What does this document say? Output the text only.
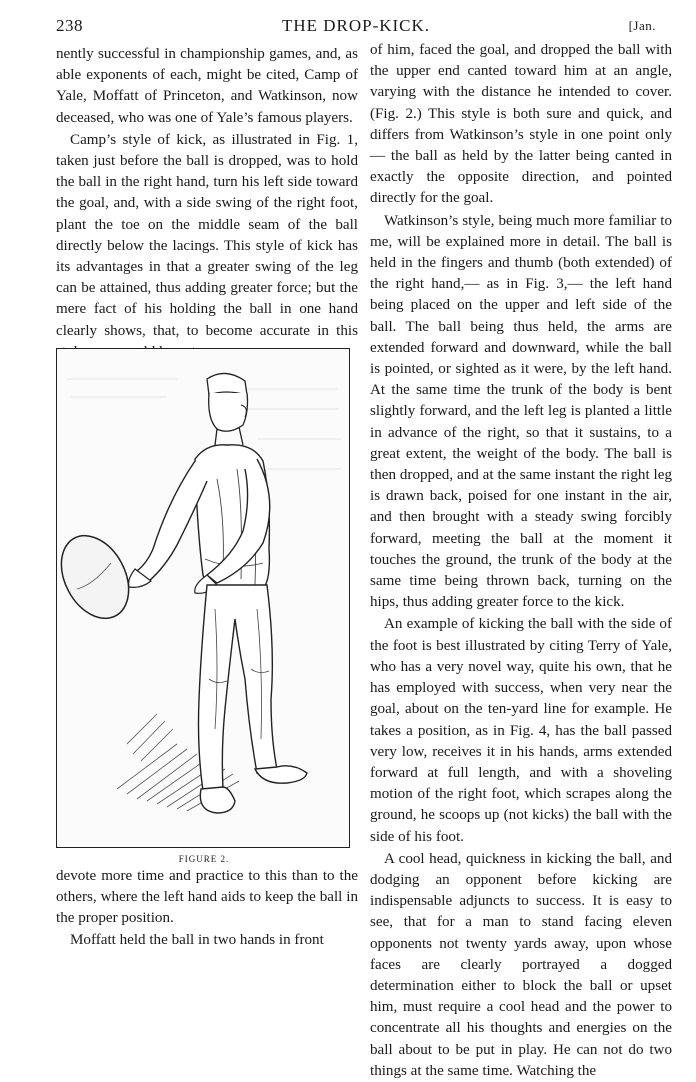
238	THE DROP-KICK.	[Jan.

nently successful in championship games, and, as able exponents of each, might be cited, Camp of Yale, Moffatt of Princeton, and Watkinson, now deceased, who was one of Yale’s famous players.

Camp’s style of kick, as illustrated in Fig. 1, taken just before the ball is dropped, was to hold the ball in the right hand, turn his left side toward the goal, and, with a side swing of the right foot, plant the toe on the middle seam of the ball directly below the lacings. This style of kick has its advantages in that a greater swing of the leg can be attained, thus adding greater force; but the mere fact of his holding the ball in one hand clearly shows, that, to become accurate in this

FIGURE 2.

devote more time and practice to this than to the others, where the left hand aids to keep the ball in the proper position.

Moffatt held the ball in two hands in front

of him, faced the goal, and dropped the ball with the upper end canted toward him at an angle, varying with the distance he intended to cover. (Fig. 2.) This style is both sure and quick, and differs from Watkinson’s style in one point only — the ball as held by the latter being canted in exactly the opposite direction, and pointed directly for the goal.

Watkinson’s style, being much more familiar to me, will be explained more in detail. The ball is held in the fingers and thumb (both extended) of the right hand,— as in Fig. 3,— the left hand being placed on the upper and left side of the ball. The ball being thus held, the arms are extended forward and downward, while the ball is pointed, or sighted as it were, by the left hand. At the same time the trunk of the body is bent slightly forward, and the left leg is planted a little in advance of the right, so that it sustains, to a great extent, the weight of the body. The ball is then dropped, and at the same instant the right leg is drawn back, poised for one instant in the air, and then brought with a steady swing forcibly forward, meeting the ball at the moment it touches the ground, the trunk of the body at the same time being thrown back, turning on the hips, thus adding greater force to the kick.

An example of kicking the ball with the side of the foot is best illustrated by citing Terry of Yale, who has a very novel way, quite his own, that he has employed with success, when very near the goal, about on the ten-yard line for example. He takes a position, as in Fig. 4, has the ball passed very low, receives it in his hands, arms extended forward at full length, and with a shoveling motion of the right foot, which scrapes along the ground, he scoops up (not kicks) the ball with the side of his foot.

A cool head, quickness in kicking the ball, and dodging an opponent before kicking are indispensable adjuncts to success. It is easy to see, that for a man to stand facing eleven opponents not twenty yards away, upon whose faces are clearly portrayed a dogged determination either to block the ball or upset him, must require a cool head and the power to concentrate all his thoughts and energies on the ball about to be put in play. He can not do two things at the same time. Watching the
